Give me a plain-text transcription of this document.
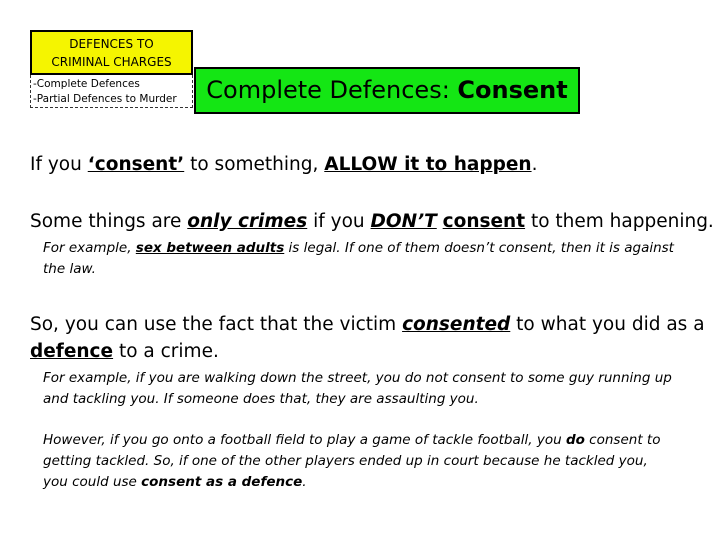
DEFENCES TO
CRIMINAL CHARGES
-Complete Defences
-Partial Defences to Murder	Complete Defences: Consent
If you ‘consent’ to something, ALLOW it to happen.
Some things are only crimes if you DON’T consent to them happening.
For example, sex between adults is legal. If one of them doesn’t consent, then it is against
the law.
So, you can use the fact that the victim consented to what you did as a
defence to a crime.
For example, if you are walking down the street, you do not consent to some guy running up
and tackling you. If someone does that, they are assaulting you.
However, if you go onto a football field to play a game of tackle football, you do consent to
getting tackled. So, if one of the other players ended up in court because he tackled you,
you could use consent as a defence.
